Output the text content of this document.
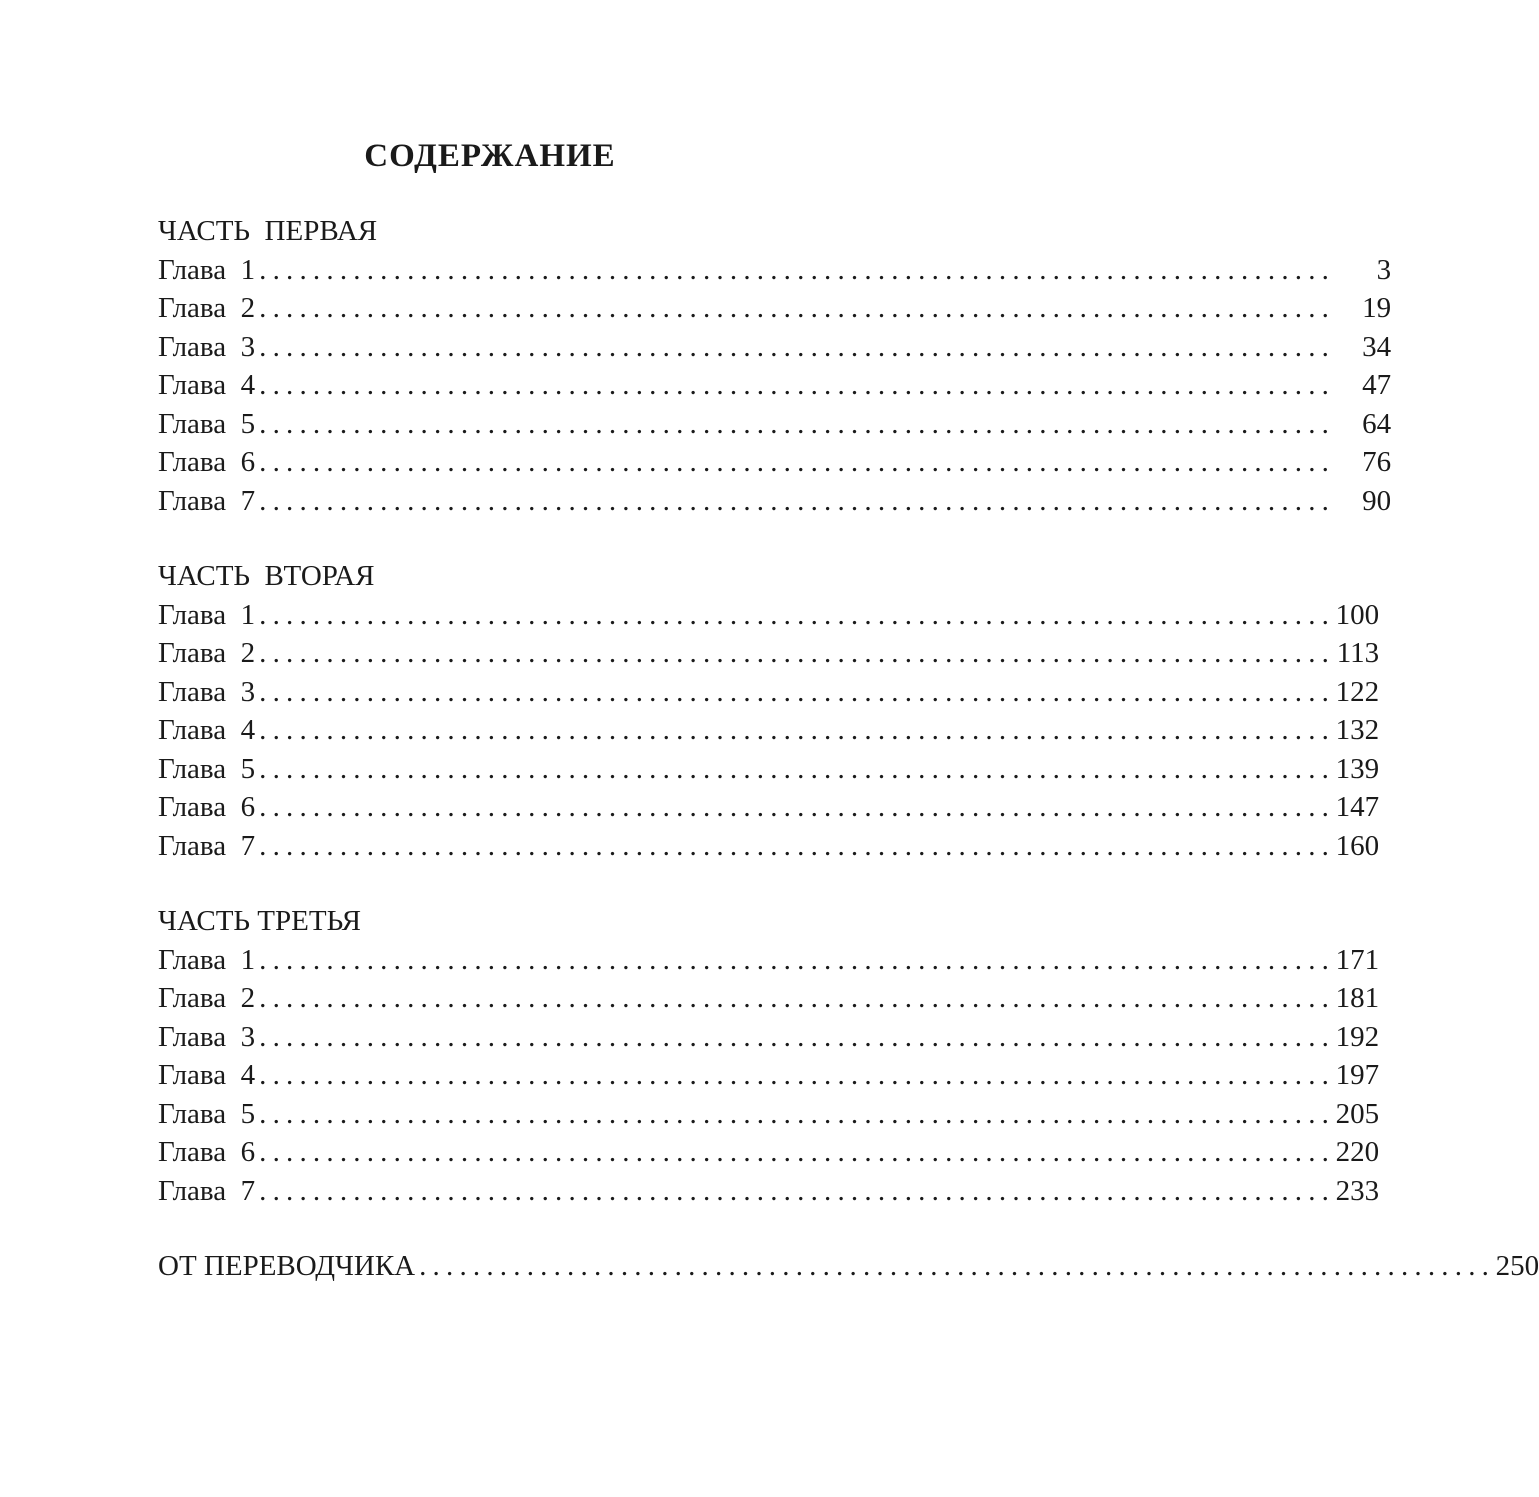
СОДЕРЖАНИЕ
ЧАСТЬ  ПЕРВАЯ
Глава  1 ................................................................................	3
Глава  2 ................................................................................ 19
Глава  3 ................................................................................ 34
Глава  4 ................................................................................ 47
Глава  5 ................................................................................ 64
Глава  6 ................................................................................ 76
Глава  7 ................................................................................ 90
ЧАСТЬ  ВТОРАЯ
Глава  1 ................................................................................ 100
Глава  2 ................................................................................ 113
Глава  3 ................................................................................ 122
Глава  4 ................................................................................ 132
Глава  5 ................................................................................ 139
Глава  6 ................................................................................ 147
Глава  7 ................................................................................ 160
ЧАСТЬ ТРЕТЬЯ
Глава  1 ................................................................................ 171
Глава  2 ................................................................................ 181
Глава  3 ................................................................................ 192
Глава  4 ................................................................................ 197
Глава  5 ................................................................................ 205
Глава  6 ................................................................................ 220
Глава  7 ................................................................................ 233
ОТ ПЕРЕВОДЧИКА ................................................................................ 250
